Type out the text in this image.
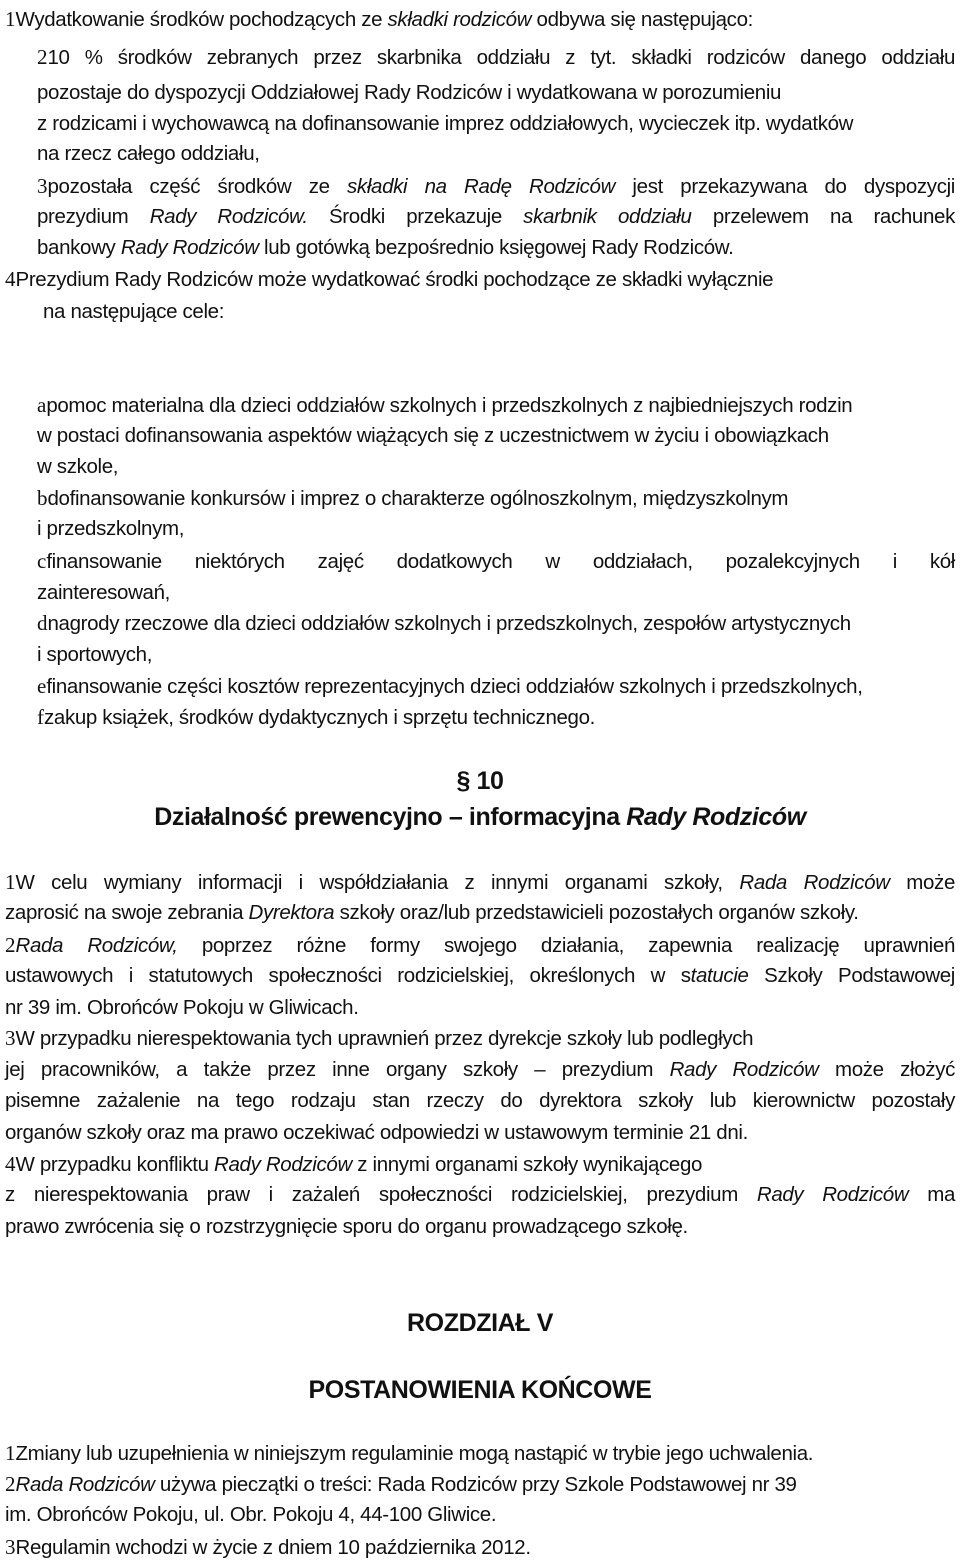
1Wydatkowanie środków pochodzących ze składki rodziców odbywa się następująco:
210 % środków zebranych przez skarbnika oddziału z tyt. składki rodziców danego oddziału
pozostaje do dyspozycji Oddziałowej Rady Rodziców i wydatkowana w porozumieniu
z rodzicami i wychowawcą na dofinansowanie imprez oddziałowych, wycieczek itp. wydatków
na rzecz całego oddziału,
3pozostała część środków ze składki na Radę Rodziców jest przekazywana do dyspozycji
prezydium Rady Rodziców. Środki przekazuje skarbnik oddziału przelewem na rachunek
bankowy Rady Rodziców lub gotówką bezpośrednio księgowej Rady Rodziców.
4Prezydium Rady Rodziców może wydatkować środki pochodzące ze składki wyłącznie
na następujące cele:
apomoc materialna dla dzieci oddziałów szkolnych i przedszkolnych z najbiedniejszych rodzin
w postaci dofinansowania aspektów wiążących się z uczestnictwem w życiu i obowiązkach
w szkole,
bdofinansowanie konkursów i imprez o charakterze ogólnoszkolnym, międzyszkolnym
i przedszkolnym,
cfinansowanie niektórych zajęć dodatkowych w oddziałach, pozalekcyjnych i kół
zainteresowań,
dnagrody rzeczowe dla dzieci oddziałów szkolnych i przedszkolnych, zespołów artystycznych
i sportowych,
efinansowanie części kosztów reprezentacyjnych dzieci oddziałów szkolnych i przedszkolnych,
fzakup książek, środków dydaktycznych i sprzętu technicznego.
§ 10
Działalność prewencyjno – informacyjna Rady Rodziców
1W celu wymiany informacji i współdziałania z innymi organami szkoły, Rada Rodziców może
zaprosić na swoje zebrania Dyrektora szkoły oraz/lub przedstawicieli pozostałych organów szkoły.
2Rada Rodziców, poprzez różne formy swojego działania, zapewnia realizację uprawnień
ustawowych i statutowych społeczności rodzicielskiej, określonych w statucie Szkoły Podstawowej
nr 39 im. Obrońców Pokoju w Gliwicach.
3W przypadku nierespektowania tych uprawnień przez dyrekcje szkoły lub podległych
jej pracowników, a także przez inne organy szkoły – prezydium Rady Rodziców może złożyć
pisemne zażalenie na tego rodzaju stan rzeczy do dyrektora szkoły lub kierownictw pozostały
organów szkoły oraz ma prawo oczekiwać odpowiedzi w ustawowym terminie 21 dni.
4W przypadku konfliktu Rady Rodziców z innymi organami szkoły wynikającego
z nierespektowania praw i zażaleń społeczności rodzicielskiej, prezydium Rady Rodziców ma
prawo zwrócenia się o rozstrzygnięcie sporu do organu prowadzącego szkołę.
ROZDZIAŁ V
POSTANOWIENIA KOŃCOWE
1Zmiany lub uzupełnienia w niniejszym regulaminie mogą nastąpić w trybie jego uchwalenia.
2Rada Rodziców używa pieczątki o treści: Rada Rodziców przy Szkole Podstawowej nr 39
im. Obrońców Pokoju, ul. Obr. Pokoju 4, 44-100 Gliwice.
3Regulamin wchodzi w życie z dniem 10 października 2012.
